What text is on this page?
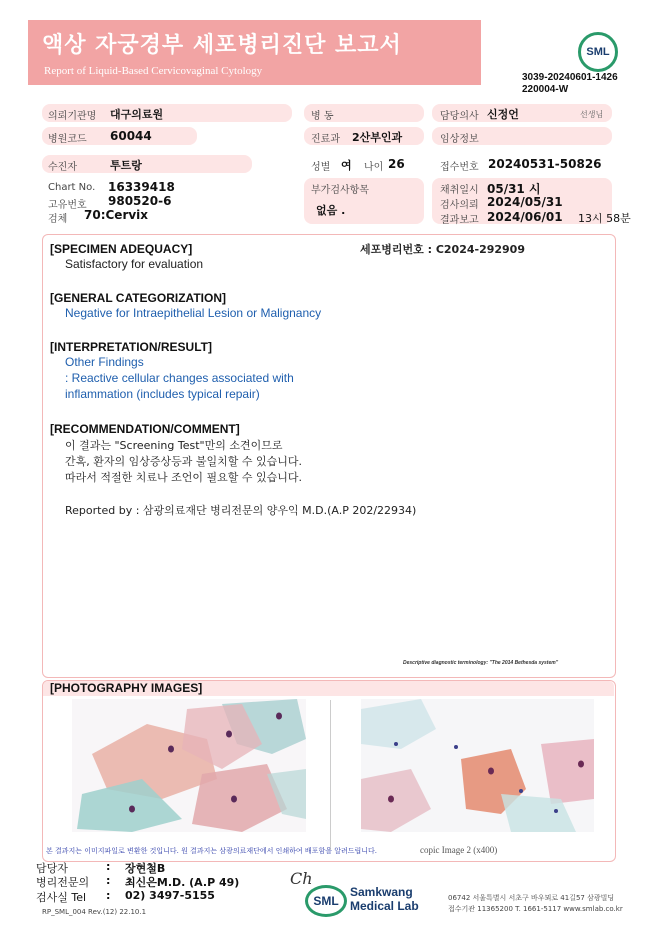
액상 자궁경부 세포병리진단 보고서
Report of Liquid-Based Cervicovaginal Cytology
SML
3039-20240601-1426
220004-W
의뢰기관명 대구의료원	병 동	담당의사 신정언	선생님
병원코드 60044	진료과 2산부인과	임상정보
수진자	투트랑	성별 여 나이 26	접수번호 20240531-50826
Chart No. 16339418
고유번호 980520-6
검체 70:Cervix
부가검사항목
없음 .
채취일시 05/31 시
검사의뢰 2024/05/31
결과보고 2024/06/01 13시 58분
세포병리번호 : C2024-292909
[SPECIMEN ADEQUACY]
Satisfactory for evaluation
[GENERAL CATEGORIZATION]
Negative for Intraepithelial Lesion or Malignancy
[INTERPRETATION/RESULT]
Other Findings
: Reactive cellular changes associated with
inflammation (includes typical repair)
[RECOMMENDATION/COMMENT]
이 결과는 "Screening Test"만의 소견이므로
간혹, 환자의 임상증상등과 불일치할 수 있습니다.
따라서 적절한 치료나 조언이 필요할 수 있습니다.
Reported by : 삼광의료재단 병리전문의 양우익 M.D.(A.P 202/22934)
Descriptive diagnostic terminology: "The 2014 Bethesda system"
[PHOTOGRAPHY IMAGES]
copic Image 2 (x400)
본 결과지는 이미지파일로 변환한 것입니다. 원 결과지는 삼광의료재단에서 인쇄하여 배포함을 알려드립니다.
담당자	: 장현철B
병리전문의 : 최신은M.D. (A.P 49)
검사실 Tel : 02) 3497-5155
RP_SML_004 Rev.(12) 22.10.1
Ch
SML
Samkwang
Medical Lab
06742 서울특별시 서초구 바우뫼로 41길57 삼광빌딩
접수기관 11365200 T. 1661-5117 www.smlab.co.kr
